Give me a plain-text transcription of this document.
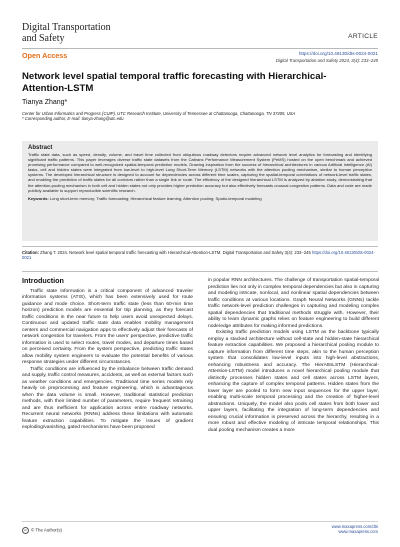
Digital Transportation
and Safety	ARTICLE
Open Access	https://doi.org/10.48130/dts-0024-0021
Digital Transportation and Safety 2024, 3(4): 233–245
Network level spatial temporal traffic forecasting with Hierarchical-Attention-LSTM
Tianya Zhang*
Center for Urban Informatics and Progress (CUIP), UTC Research Institute, University of Tennessee at Chattanooga, Chattanooga, TN 37405, USA
* Corresponding author, E-mail: tianya-zhang@utc.edu
Abstract
Traffic state data, such as speed, density, volume, and travel time collected from ubiquitous roadway detectors require advanced network level analytics for forecasting and identifying significant traffic patterns. This paper leverages diverse traffic state datasets from the Caltrans Performance Measurement System (PeMS) hosted on the open benchmark and achieved promising performance compared to well-recognized spatial-temporal prediction models. Drawing inspiration from the success of hierarchical architectures in various Artificial Intelligence (AI) tasks, cell and hidden states were integrated from low-level to high-level Long Short-Term Memory (LSTM) networks with the attention pooling mechanism, similar to human perception systems. The developed hierarchical structure is designed to account for dependencies across different time scales, capturing the spatial-temporal correlations of network-level traffic states, and enabling the prediction of traffic states for all corridors rather than a single link or route. The efficiency of the designed hierarchical LSTM is analyzed by ablation study, demonstrating that the attention-pooling mechanism in both cell and hidden states not only provides higher prediction accuracy but also effectively forecasts unusual congestion patterns. Data and code are made publicly available to support reproducible scientific research.
Keywords: Long short-term memory; Traffic forecasting; Hierarchical feature learning; Attention pooling; Spatio-temporal modeling
Citation: Zhang T. 2024. Network level spatial temporal traffic forecasting with Hierarchical-Attention-LSTM. Digital Transportation and Safety 3(4): 233−245 https://doi.org/10.48130/dts-0024-0021
Introduction

Traffic state information is a critical component of advanced traveler information systems (ATIS), which has been extensively used for route guidance and mode choice. Short-term traffic state (less than 60-min time horizon) prediction models are essential for trip planning, as they forecast traffic conditions in the near future to help users avoid unexpected delays. Continuous and updated traffic state data enables mobility management centers and commercial navigation apps to effectively adjust their forecasts of network congestion for travelers. From the users' perspective, predictive traffic information is used to select routes, travel modes, and departure times based on perceived certainty. From the system perspective, predicting traffic states allow mobility system engineers to evaluate the potential benefits of various response strategies under different circumstances.

Traffic conditions are influenced by the imbalance between traffic demand and supply, traffic control measures, accidents, as well as external factors such as weather conditions and emergencies. Traditional time series models rely heavily on preprocessing and feature engineering, which is advantageous when the data volume is small. However, traditional statistical prediction methods, with their limited number of parameters, require frequent retraining and are thus inefficient for application across entire roadway networks. Recurrent neural networks (RNNs) address these limitations with automatic feature extraction capabilities. To mitigate the issues of gradient exploding/vanishing, gated mechanisms have been proposed

in popular RNN architectures. The challenge of transportation spatial-temporal prediction lies not only in complex temporal dependencies but also in capturing and modeling intricate, nonlocal, and nonlinear spatial dependencies between traffic conditions at various locations. Graph Neural Networks (GNNs) tackle traffic network-level prediction challenges in capturing and modeling complex spatial dependencies that traditional methods struggle with. However, their ability to learn dynamic graphs relies on feature engineering to build different node/edge attributes for making informed predictions.

Existing traffic prediction models using LSTM as the backbone typically employ a stacked architecture without cell-state and hidden-state hierarchical feature extraction capabilities. We proposed a hierarchical pooling module to capture information from different time steps, akin to the human perception system that consolidates low-level inputs into high-level abstractions, enhancing robustness and accuracy. The HierAttnLSTM (Hierarchical-Attention-LSTM) model introduces a novel hierarchical pooling module that distinctly processes hidden states and cell states across LSTM layers, enhancing the capture of complex temporal patterns. Hidden states from the lower layer are pooled to form new input sequences for the upper layer, enabling multi-scale temporal processing and the creation of higher-level abstractions. Uniquely, the model also pools cell states from both lower and upper layers, facilitating the integration of long-term dependencies and ensuring crucial information is preserved across the hierarchy, resulting in a more robust and effective modeling of intricate temporal relationships. This dual pooling mechanism creates a more

cc © The Author(s)
www.maxapress.com/dts
www.maxapress.com
